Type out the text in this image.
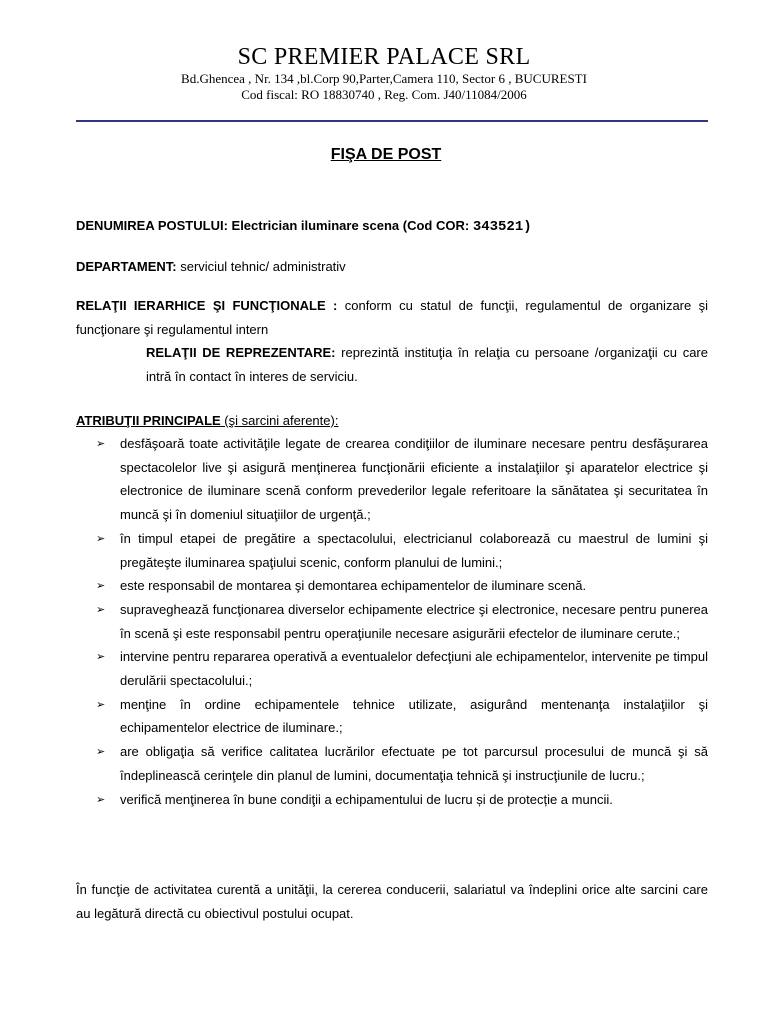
SC PREMIER PALACE SRL
Bd.Ghencea , Nr. 134 ,bl.Corp 90,Parter,Camera 110, Sector 6 , BUCURESTI
Cod fiscal: RO 18830740 , Reg. Com. J40/11084/2006
FIŞA DE POST
DENUMIREA POSTULUI: Electrician iluminare scena (Cod COR: 343521)
DEPARTAMENT: serviciul tehnic/ administrativ
RELAŢII IERARHICE ŞI FUNCŢIONALE : conform cu statul de funcţii, regulamentul de organizare şi funcţionare şi regulamentul intern
RELAŢII DE REPREZENTARE: reprezintă instituţia în relaţia cu persoane /organizaţii cu care intră în contact în interes de serviciu.
ATRIBUŢII PRINCIPALE (şi sarcini aferente):
➢ desfăşoară toate activităţile legate de crearea condiţiilor de iluminare necesare pentru desfăşurarea spectacolelor live şi asigură menţinerea funcţionării eficiente a instalaţiilor şi aparatelor electrice şi electronice de iluminare scenă conform prevederilor legale referitoare la sănătatea şi securitatea în muncă şi în domeniul situaţiilor de urgenţă.;
➢ în timpul etapei de pregătire a spectacolului, electricianul colaborează cu maestrul de lumini şi pregăteşte iluminarea spaţiului scenic, conform planului de lumini.;
➢ este responsabil de montarea şi demontarea echipamentelor de iluminare scenă.
➢ supraveghează funcţionarea diverselor echipamente electrice şi electronice, necesare pentru punerea în scenă şi este responsabil pentru operaţiunile necesare asigurării efectelor de iluminare cerute.;
➢ intervine pentru repararea operativă a eventualelor defecţiuni ale echipamentelor, intervenite pe timpul derulării spectacolului.;
➢ menţine în ordine echipamentele tehnice utilizate, asigurând mentenanţa instalaţiilor şi echipamentelor electrice de iluminare.;
➢ are obligaţia să verifice calitatea lucrărilor efectuate pe tot parcursul procesului de muncă şi să îndeplinească cerinţele din planul de lumini, documentaţia tehnică şi instrucţiunile de lucru.;
➢ verifică menţinerea în bune condiţii a echipamentului de lucru și de protecție a muncii.
În funcţie de activitatea curentă a unităţii, la cererea conducerii, salariatul va îndeplini orice alte sarcini care au legătură directă cu obiectivul postului ocupat.
